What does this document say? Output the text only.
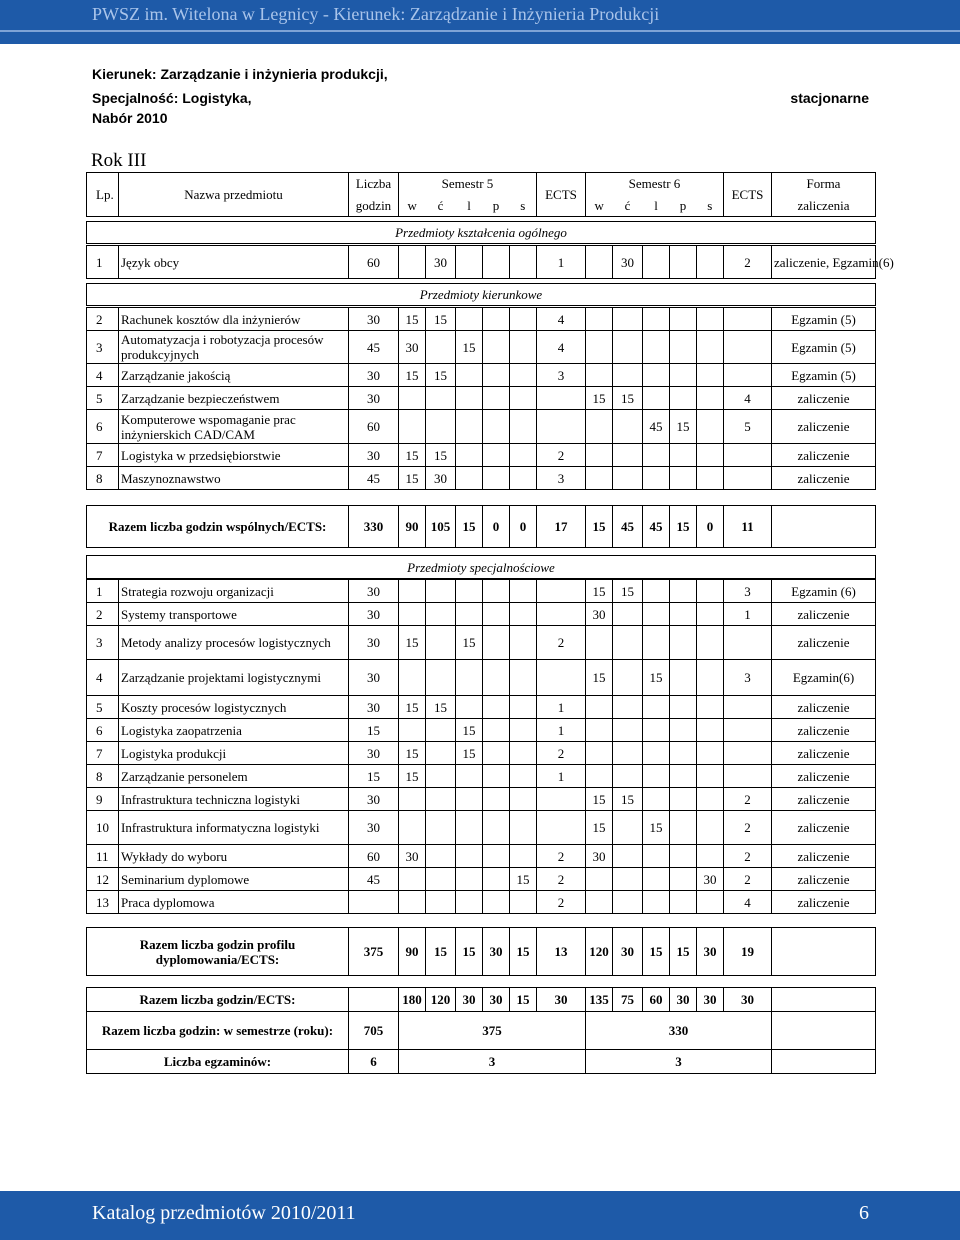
PWSZ im. Witelona w Legnicy - Kierunek: Zarządzanie i Inżynieria Produkcji
Kierunek: Zarządzanie i inżynieria produkcji,
Specjalność: Logistyka,
Nabór 2010
stacjonarne
Rok III
Lp.	Nazwa przedmiotu	Liczba	Semestr 5					ECTS	Semestr 6					ECTS	Forma
		godzin	w	ć	l	p	s		w	ć	l	p	s		zaliczenia

Przedmioty kształcenia ogólnego															

1	Język obcy	60		30				1		30				2	zaliczenie, Egzamin(6)

Przedmioty kierunkowe															

2	Rachunek kosztów dla inżynierów	30	15	15				4							Egzamin (5)
3	Automatyzacja i robotyzacja procesów produkcyjnych	45	30		15			4							Egzamin (5)
4	Zarządzanie jakością	30	15	15				3							Egzamin (5)
5	Zarządzanie bezpieczeństwem	30							15	15				4	zaliczenie
6	Komputerowe wspomaganie prac inżynierskich CAD/CAM	60									45	15		5	zaliczenie
7	Logistyka w przedsiębiorstwie	30	15	15				2							zaliczenie
8	Maszynoznawstwo	45	15	30				3							zaliczenie

Razem liczba godzin wspólnych/ECTS:		330	90	105	15	0	0	17	15	45	45	15	0	11	

Przedmioty specjalnościowe															

1	Strategia rozwoju organizacji	30							15	15				3	Egzamin (6)
2	Systemy transportowe	30							30					1	zaliczenie
3	Metody analizy procesów logistycznych	30	15		15			2							zaliczenie
4	Zarządzanie projektami logistycznymi	30							15		15			3	Egzamin(6)
5	Koszty procesów logistycznych	30	15	15				1							zaliczenie
6	Logistyka zaopatrzenia	15			15			1							zaliczenie
7	Logistyka produkcji	30	15		15			2							zaliczenie
8	Zarządzanie personelem	15	15					1							zaliczenie
9	Infrastruktura techniczna logistyki	30							15	15				2	zaliczenie
10	Infrastruktura informatyczna logistyki	30							15		15			2	zaliczenie
11	Wykłady do wyboru	60	30					2	30					2	zaliczenie
12	Seminarium dyplomowe	45					15	2					30	2	zaliczenie
13	Praca dyplomowa							2						4	zaliczenie

Razem liczba godzin profilu dyplomowania/ECTS:		375	90	15	15	30	15	13	120	30	15	15	30	19	

Razem liczba godzin/ECTS:			180	120	30	30	15	30	135	75	60	30	30	30	
Razem liczba godzin: w semestrze (roku):		705	375						330						
Liczba egzaminów:		6	3						3						
Katalog przedmiotów 2010/2011	6
